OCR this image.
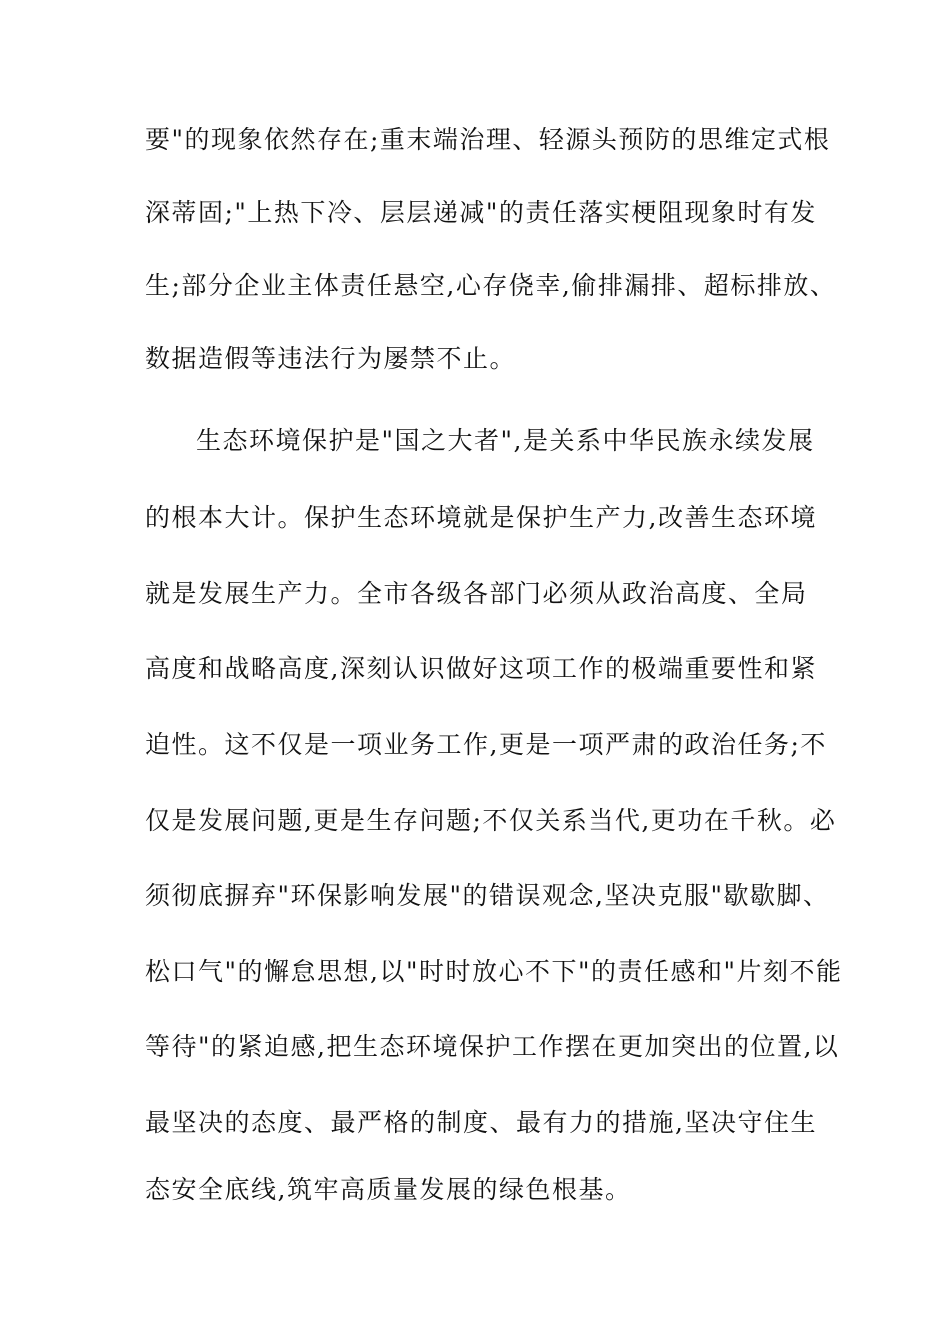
要"的现象依然存在;重末端治理、轻源头预防的思维定式根
深蒂固;"上热下冷、层层递减"的责任落实梗阻现象时有发
生;部分企业主体责任悬空,心存侥幸,偷排漏排、超标排放、
数据造假等违法行为屡禁不止。
生态环境保护是"国之大者",是关系中华民族永续发展
的根本大计。保护生态环境就是保护生产力,改善生态环境
就是发展生产力。全市各级各部门必须从政治高度、全局
高度和战略高度,深刻认识做好这项工作的极端重要性和紧
迫性。这不仅是一项业务工作,更是一项严肃的政治任务;不
仅是发展问题,更是生存问题;不仅关系当代,更功在千秋。必
须彻底摒弃"环保影响发展"的错误观念,坚决克服"歇歇脚、
松口气"的懈怠思想,以"时时放心不下"的责任感和"片刻不能
等待"的紧迫感,把生态环境保护工作摆在更加突出的位置,以
最坚决的态度、最严格的制度、最有力的措施,坚决守住生
态安全底线,筑牢高质量发展的绿色根基。
